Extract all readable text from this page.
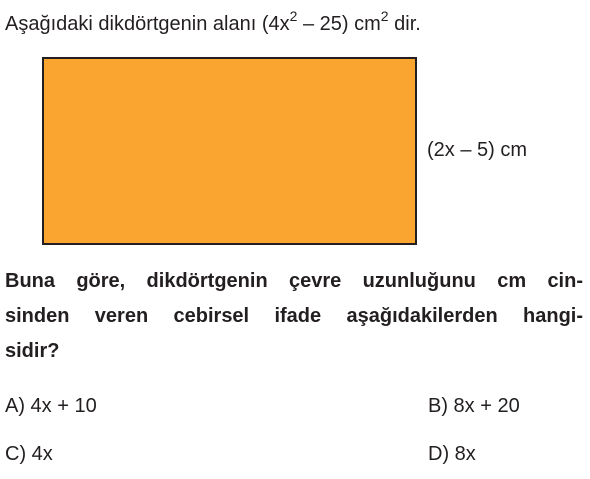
Aşağıdaki dikdörtgenin alanı $(4x^2 - 25)$ $cm^2$ dir.
(2x – 5) cm

Buna göre, dikdörtgenin çevre uzunluğunu cm cin-
sinden veren cebirsel ifade aşağıdakilerden hangi-
sidir?

A) 4x + 10	B) 8x + 20
C) 4x	D) 8x
